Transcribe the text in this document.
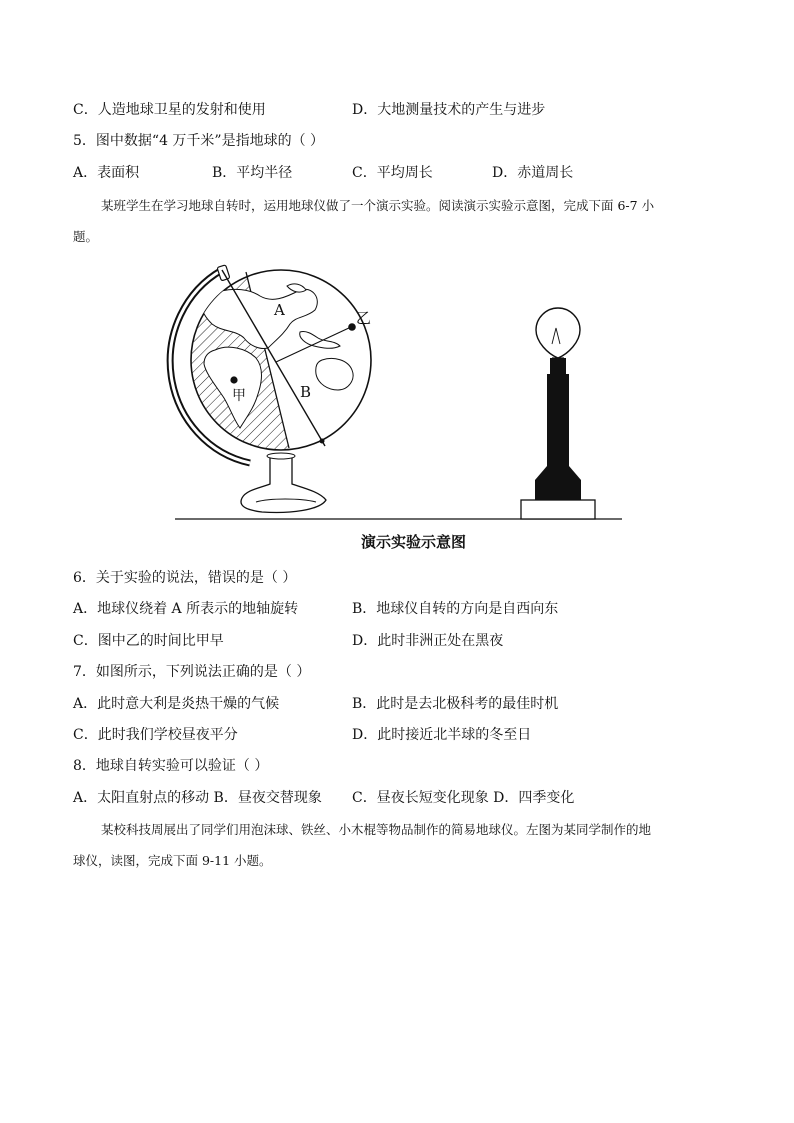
C．人造地球卫星的发射和使用	D．大地测量技术的产生与进步
5．图中数据“4 万千米”是指地球的（ ）
A．表面积	B．平均半径	C．平均周长	D．赤道周长
某班学生在学习地球自转时，运用地球仪做了一个演示实验。阅读演示实验示意图，完成下面 6-7 小
题。
A
B
甲
乙
演示实验示意图
6．关于实验的说法，错误的是（ ）
A．地球仪绕着 A 所表示的地轴旋转	B．地球仪自转的方向是自西向东
C．图中乙的时间比甲早	D．此时非洲正处在黑夜
7．如图所示，下列说法正确的是（ ）
A．此时意大利是炎热干燥的气候	B．此时是去北极科考的最佳时机
C．此时我们学校昼夜平分	D．此时接近北半球的冬至日
8．地球自转实验可以验证（ ）
A．太阳直射点的移动 B．昼夜交替现象 C．昼夜长短变化现象 D．四季变化
某校科技周展出了同学们用泡沫球、铁丝、小木棍等物品制作的简易地球仪。左图为某同学制作的地
球仪，读图，完成下面 9-11 小题。
